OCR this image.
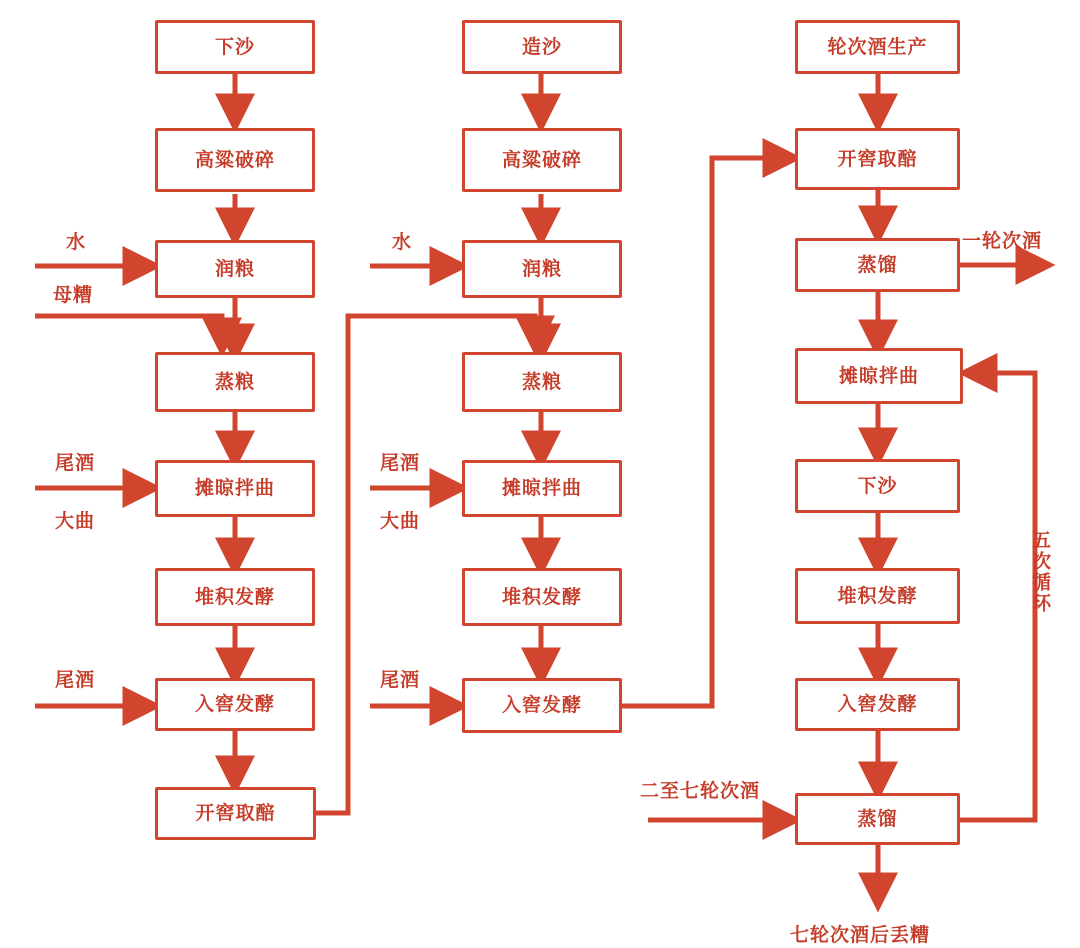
下沙
高粱破碎
润粮
蒸粮
摊晾拌曲
堆积发酵
入窖发酵
开窖取醅
水
母糟
尾酒
大曲
尾酒
造沙
高粱破碎
润粮
蒸粮
摊晾拌曲
堆积发酵
入窖发酵
水
尾酒
大曲
尾酒
轮次酒生产
开窖取醅
蒸馏
摊晾拌曲
下沙
堆积发酵
入窖发酵
蒸馏
一轮次酒
二至七轮次酒
七轮次酒后丢糟
五次循环
